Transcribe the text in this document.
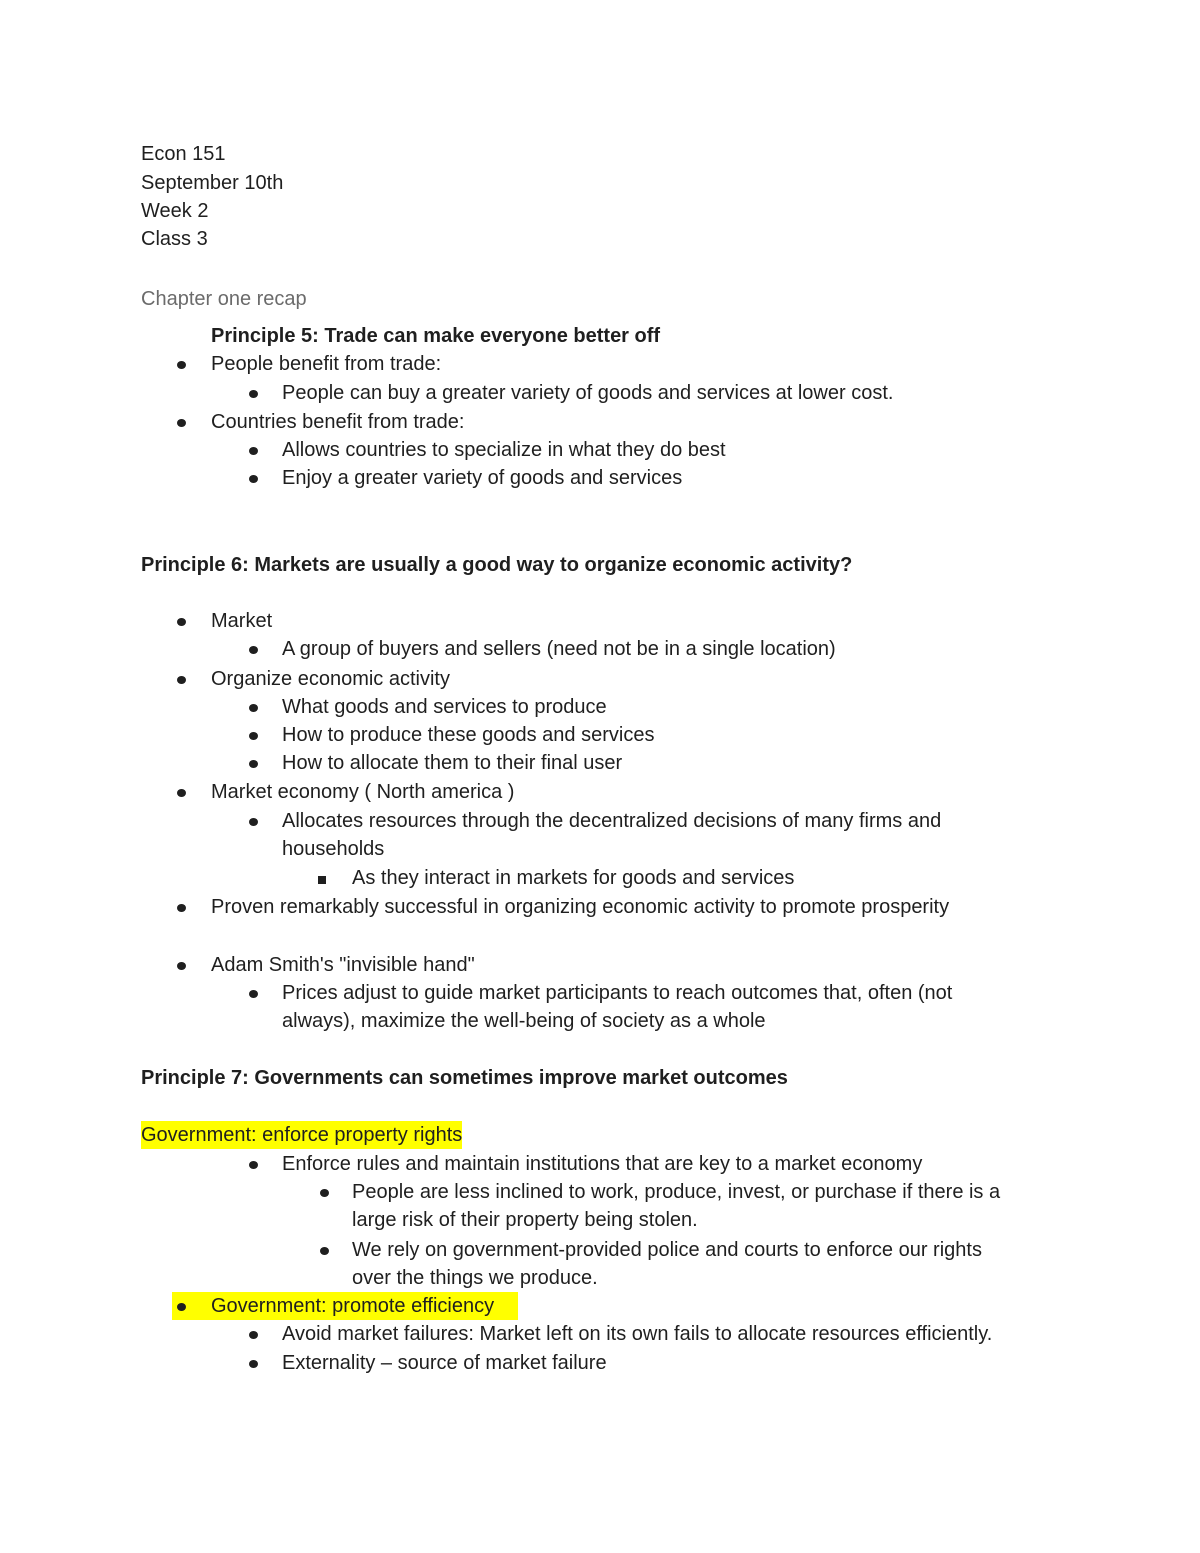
Econ 151
September 10th
Week 2
Class 3
Chapter one recap
Principle 5: Trade can make everyone better off
People benefit from trade:
People can buy a greater variety of goods and services at lower cost.
Countries benefit from trade:
Allows countries to specialize in what they do best
Enjoy a greater variety of goods and services
Principle 6: Markets are usually a good way to organize economic activity?
Market
A group of buyers and sellers (need not be in a single location)
Organize economic activity
What goods and services to produce
How to produce these goods and services
How to allocate them to their final user
Market economy ( North america )
Allocates resources through the decentralized decisions of many firms and
households
As they interact in markets for goods and services
Proven remarkably successful in organizing economic activity to promote prosperity
Adam Smith's "invisible hand"
Prices adjust to guide market participants to reach outcomes that, often (not
always), maximize the well-being of society as a whole
Principle 7: Governments can sometimes improve market outcomes
Government: enforce property rights
Enforce rules and maintain institutions that are key to a market economy
People are less inclined to work, produce, invest, or purchase if there is a
large risk of their property being stolen.
We rely on government-provided police and courts to enforce our rights
over the things we produce.
Government: promote efficiency
Avoid market failures: Market left on its own fails to allocate resources efficiently.
Externality – source of market failure
